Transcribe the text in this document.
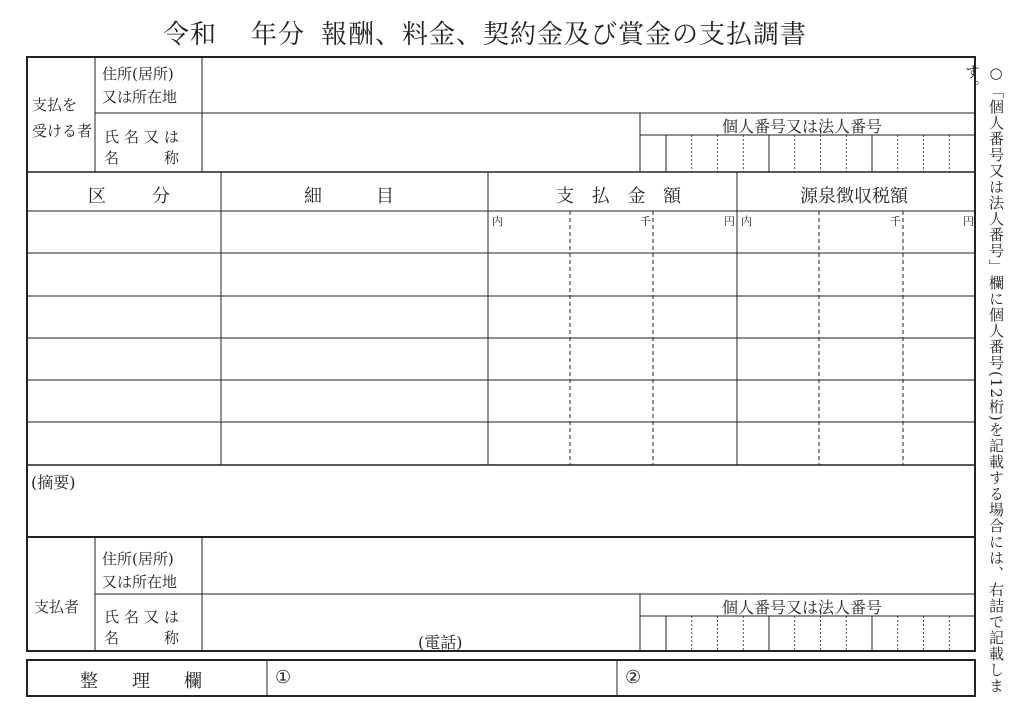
令和 年分 報酬、料金、契約金及び賞金の支払調書
○「個人番号又は法人番号」欄に個人番号(12桁)を記載する場合には、右詰で記載します。
支払を
受ける者
住所(居所)
又は所在地
氏名又は
名　　称
個人番号又は法人番号
区　分	細　　目	支 払 金 額	源泉徴収税額
内	千	円 内	千	円
(摘要)
支払者
住所(居所)
又は所在地
氏名又は
名　　称	(電話)
個人番号又は法人番号
整　理　欄	①	②
